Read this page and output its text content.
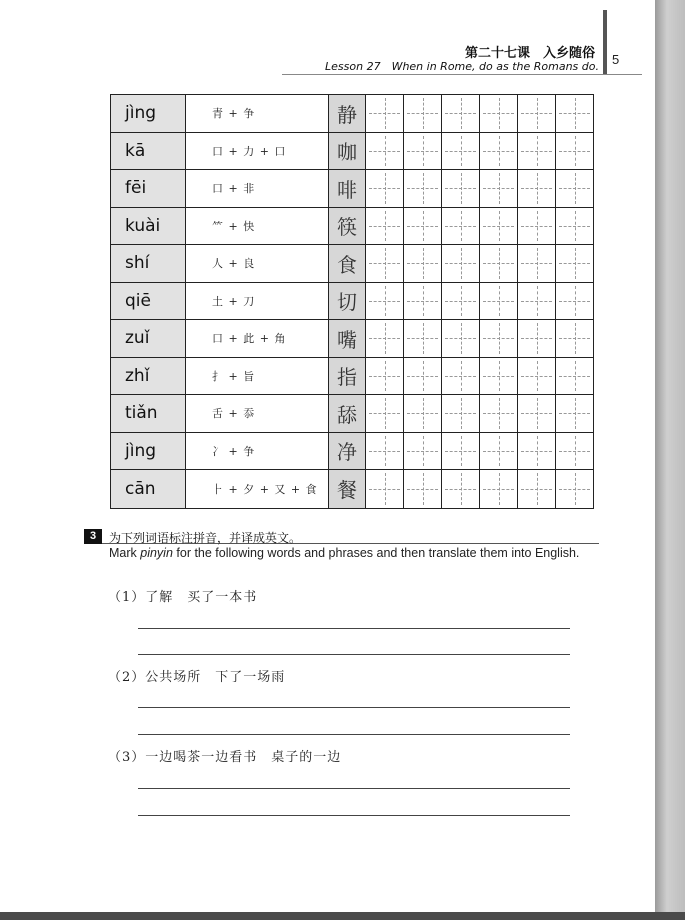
第二十七课　入乡随俗
Lesson 27　When in Rome, do as the Romans do. 5
jìng	青 + 争	静
kā	口 + 力 + 口	咖
fēi	口 + 非	啡
kuài	⺮ + 快	筷
shí	人 + 良	食
qiē	土 + 刀	切
zuǐ	口 + 此 + 角	嘴
zhǐ	扌 + 旨	指
tiǎn	舌 + 忝	舔
jìng	冫 + 争	净
cān	⺊ + 夕 + 又 + 食 餐
3	为下列词语标注拼音，并译成英文。
Mark pinyin for the following words and phrases and then translate them into English.
（1）了解　买了一本书
（2）公共场所　下了一场雨
（3）一边喝茶一边看书　桌子的一边
